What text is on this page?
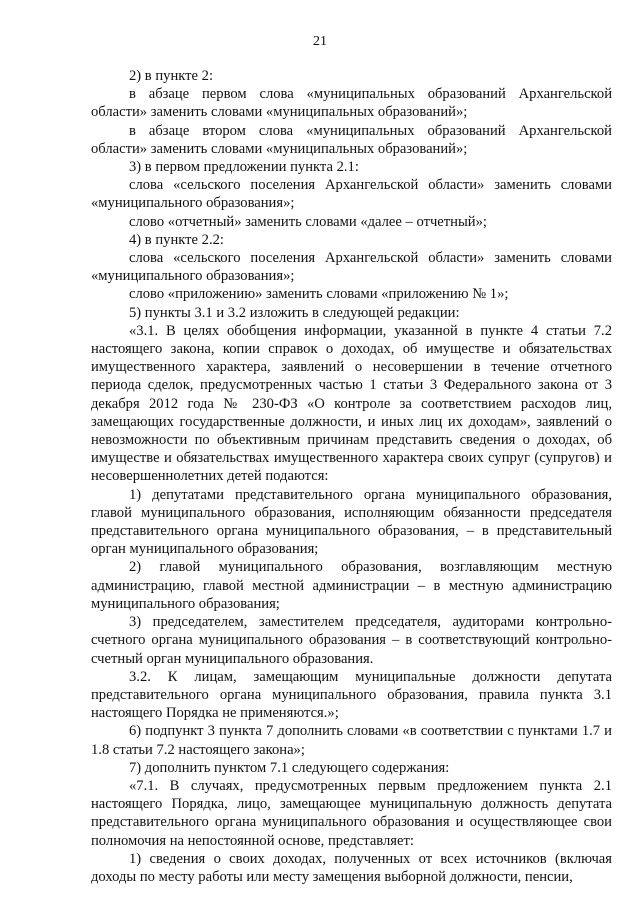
21

2) в пункте 2:

в абзаце первом слова «муниципальных образований Архангельской области» заменить словами «муниципальных образований»;

в абзаце втором слова «муниципальных образований Архангельской области» заменить словами «муниципальных образований»;

3) в первом предложении пункта 2.1:

слова «сельского поселения Архангельской области» заменить словами «муниципального образования»;

слово «отчетный» заменить словами «далее – отчетный»;

4) в пункте 2.2:

слова «сельского поселения Архангельской области» заменить словами «муниципального образования»;

слово «приложению» заменить словами «приложению № 1»;

5) пункты 3.1 и 3.2 изложить в следующей редакции:

«3.1. В целях обобщения информации, указанной в пункте 4 статьи 7.2 настоящего закона, копии справок о доходах, об имуществе и обязательствах имущественного характера, заявлений о несовершении в течение отчетного периода сделок, предусмотренных частью 1 статьи 3 Федерального закона от 3 декабря 2012 года № 230-ФЗ «О контроле за соответствием расходов лиц, замещающих государственные должности, и иных лиц их доходам», заявлений о невозможности по объективным причинам представить сведения о доходах, об имуществе и обязательствах имущественного характера своих супруг (супругов) и несовершеннолетних детей подаются:

1) депутатами представительного органа муниципального образования, главой муниципального образования, исполняющим обязанности председателя представительного органа муниципального образования, – в представительный орган муниципального образования;

2) главой муниципального образования, возглавляющим местную администрацию, главой местной администрации – в местную администрацию муниципального образования;

3) председателем, заместителем председателя, аудиторами контрольно-счетного органа муниципального образования – в соответствующий контрольно-счетный орган муниципального образования.

3.2. К лицам, замещающим муниципальные должности депутата представительного органа муниципального образования, правила пункта 3.1 настоящего Порядка не применяются.»;

6) подпункт 3 пункта 7 дополнить словами «в соответствии с пунктами 1.7 и 1.8 статьи 7.2 настоящего закона»;

7) дополнить пунктом 7.1 следующего содержания:

«7.1. В случаях, предусмотренных первым предложением пункта 2.1 настоящего Порядка, лицо, замещающее муниципальную должность депутата представительного органа муниципального образования и осуществляющее свои полномочия на непостоянной основе, представляет:

1) сведения о своих доходах, полученных от всех источников (включая доходы по месту работы или месту замещения выборной должности, пенсии,
